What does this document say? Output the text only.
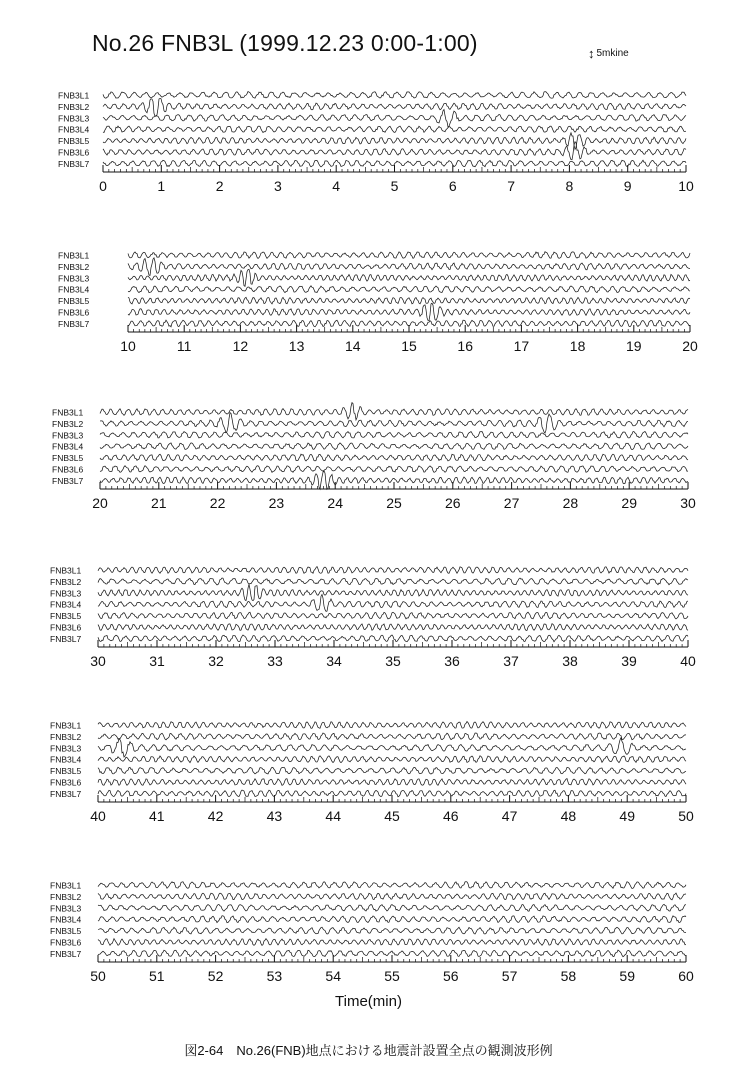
No.26 FNB3L (1999.12.23 0:00-1:00)	↕ 5mkine
FNB3L1
FNB3L2
FNB3L3
FNB3L4
FNB3L5
FNB3L6
FNB3L7
0	1	2	3	4	5	6	7	8	9	10
FNB3L1
FNB3L2
FNB3L3
FNB3L4
FNB3L5
FNB3L6
FNB3L7
10	11	12	13	14	15	16	17	18	19	20
FNB3L1
FNB3L2
FNB3L3
FNB3L4
FNB3L5
FNB3L6
FNB3L7
20	21	22	23	24	25	26	27	28	29	30
FNB3L1
FNB3L2
FNB3L3
FNB3L4
FNB3L5
FNB3L6
FNB3L7
30	31	32	33	34	35	36	37	38	39	40
FNB3L1
FNB3L2
FNB3L3
FNB3L4
FNB3L5
FNB3L6
FNB3L7
40	41	42	43	44	45	46	47	48	49	50
FNB3L1
FNB3L2
FNB3L3
FNB3L4
FNB3L5
FNB3L6
FNB3L7
50	51	52	53	54	55	56	57	58	59	60
Time(min)
図2-64　No.26(FNB)地点における地震計設置全点の観測波形例
